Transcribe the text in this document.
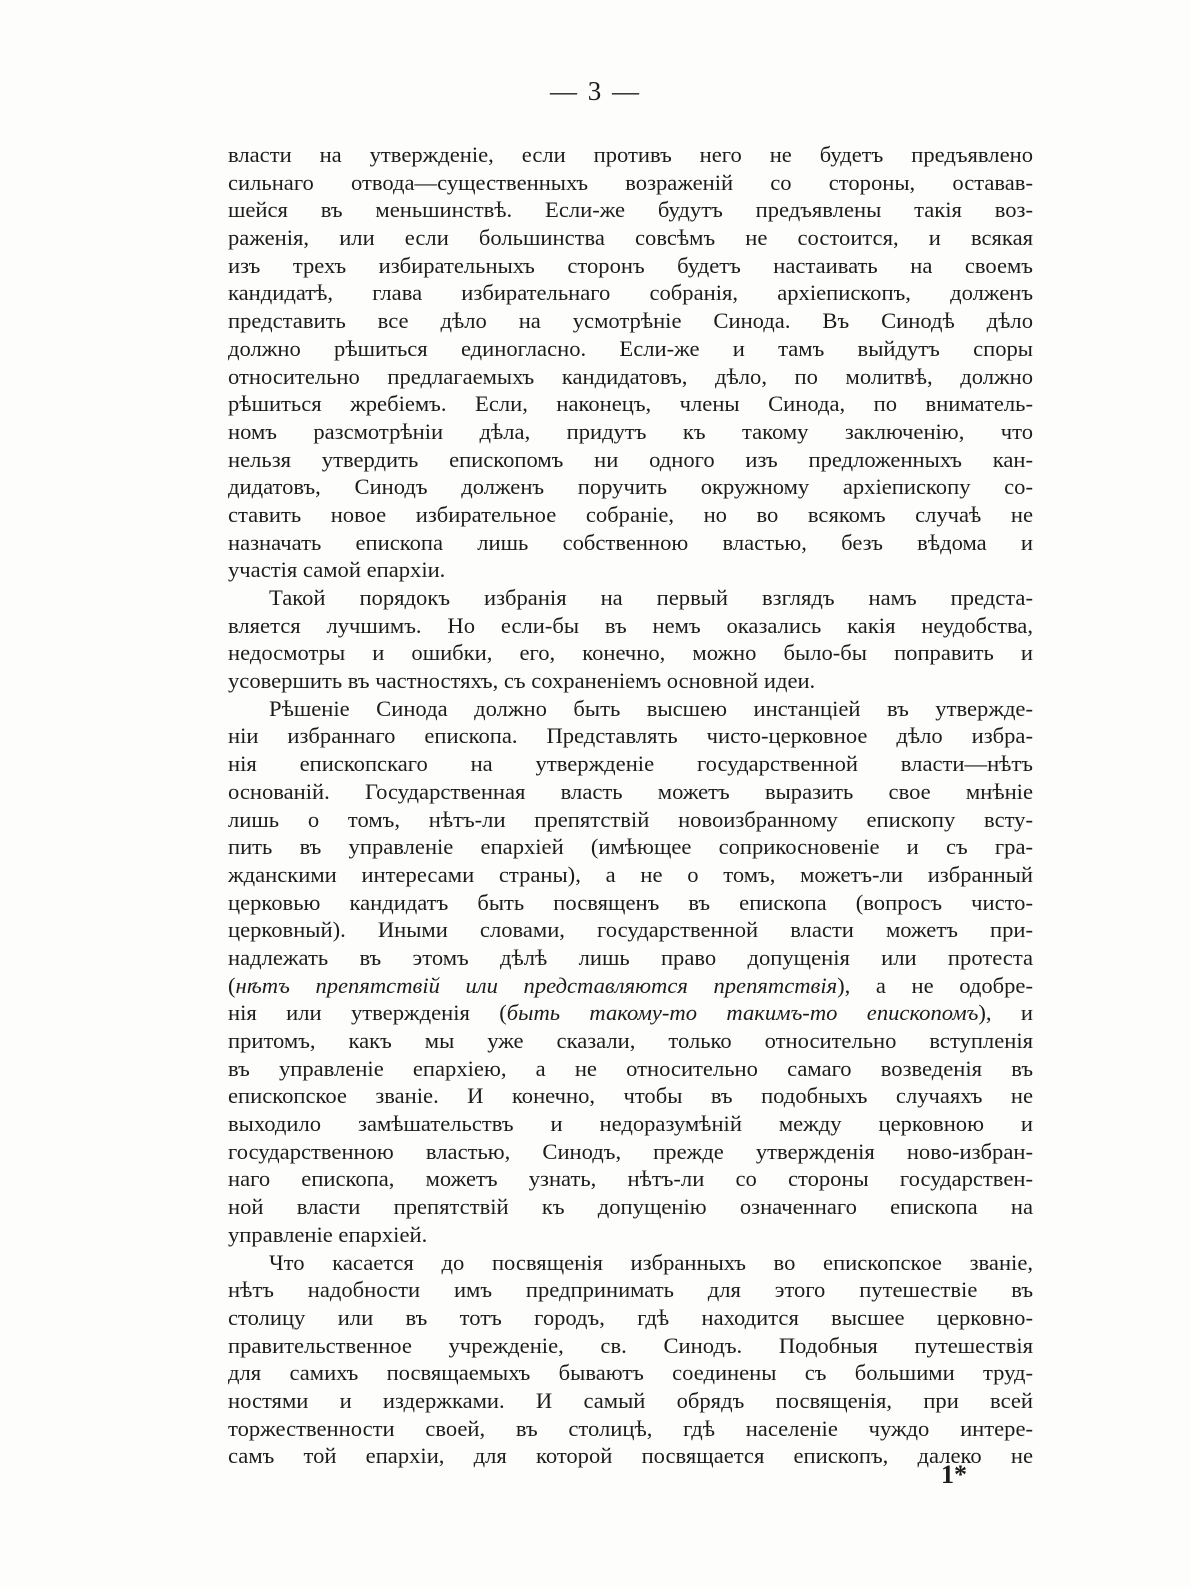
— 3 —
власти на утвержденіе, если противъ него не будетъ предъявлено
сильнаго отвода—существенныхъ возраженій со стороны, оставав-
шейся въ меньшинствѣ. Если-же будутъ предъявлены такія воз-
раженія, или если большинства совсѣмъ не состоится, и всякая
изъ трехъ избирательныхъ сторонъ будетъ настаивать на своемъ
кандидатѣ, глава избирательнаго собранія, архіепископъ, долженъ
представить все дѣло на усмотрѣніе Синода. Въ Синодѣ дѣло
должно рѣшиться единогласно. Если-же и тамъ выйдутъ споры
относительно предлагаемыхъ кандидатовъ, дѣло, по молитвѣ, должно
рѣшиться жребіемъ. Если, наконецъ, члены Синода, по вниматель-
номъ разсмотрѣніи дѣла, придутъ къ такому заключенію, что
нельзя утвердить епископомъ ни одного изъ предложенныхъ кан-
дидатовъ, Синодъ долженъ поручить окружному архіепископу со-
ставить новое избирательное собраніе, но во всякомъ случаѣ не
назначать епископа лишь собственною властью, безъ вѣдома и
участія самой епархіи.
Такой порядокъ избранія на первый взглядъ намъ предста-
вляется лучшимъ. Но если-бы въ немъ оказались какія неудобства,
недосмотры и ошибки, его, конечно, можно было-бы поправить и
усовершить въ частностяхъ, съ сохраненіемъ основной идеи.
Рѣшеніе Синода должно быть высшею инстанціей въ утвержде-
ніи избраннаго епископа. Представлять чисто-церковное дѣло избра-
нія епископскаго на утвержденіе государственной власти—нѣтъ
основаній. Государственная власть можетъ выразить свое мнѣніе
лишь о томъ, нѣтъ-ли препятствій новоизбранному епископу всту-
пить въ управленіе епархіей (имѣющее соприкосновеніе и съ гра-
жданскими интересами страны), а не о томъ, можетъ-ли избранный
церковью кандидатъ быть посвященъ въ епископа (вопросъ чисто-
церковный). Иными словами, государственной власти можетъ при-
надлежать въ этомъ дѣлѣ лишь право допущенія или протеста
(нѣтъ препятствій или представляются препятствія), а не одобре-
нія или утвержденія (быть такому-то такимъ-то епископомъ), и
притомъ, какъ мы уже сказали, только относительно вступленія
въ управленіе епархіею, а не относительно самаго возведенія въ
епископское званіе. И конечно, чтобы въ подобныхъ случаяхъ не
выходило замѣшательствъ и недоразумѣній между церковною и
государственною властью, Синодъ, прежде утвержденія ново-избран-
наго епископа, можетъ узнать, нѣтъ-ли со стороны государствен-
ной власти препятствій къ допущенію означеннаго епископа на
управленіе епархіей.
Что касается до посвященія избранныхъ во епископское званіе,
нѣтъ надобности имъ предпринимать для этого путешествіе въ
столицу или въ тотъ городъ, гдѣ находится высшее церковно-
правительственное учрежденіе, св. Синодъ. Подобныя путешествія
для самихъ посвящаемыхъ бываютъ соединены съ большими труд-
ностями и издержками. И самый обрядъ посвященія, при всей
торжественности своей, въ столицѣ, гдѣ населеніе чуждо интере-
самъ той епархіи, для которой посвящается епископъ, далеко не
1*
